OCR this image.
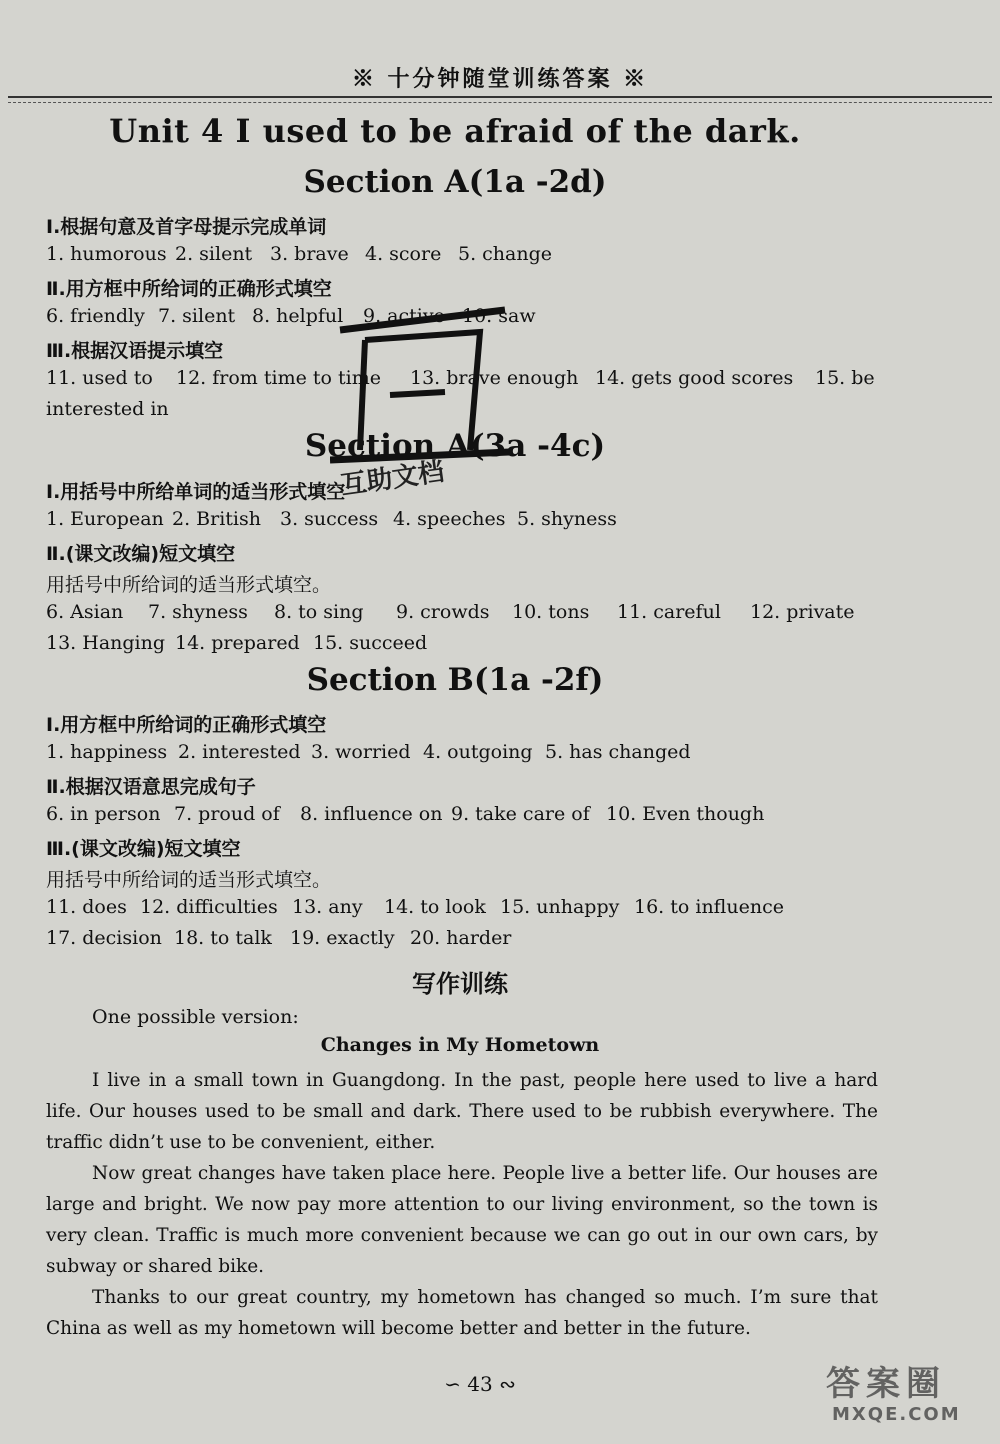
※ 十分钟随堂训练答案 ※
Unit 4 I used to be afraid of the dark.
Section A(1a -2d)
Ⅰ.根据句意及首字母提示完成单词
1. humorous 2. silent 3. brave 4. score 5. change
Ⅱ.用方框中所给词的正确形式填空
6. friendly 7. silent 8. helpful 9. active 10. saw
Ⅲ.根据汉语提示填空
11. used to 12. from time to time 13. brave enough 14. gets good scores 15. be
interested in
Section A(3a -4c)
Ⅰ.用括号中所给单词的适当形式填空
1. European 2. British 3. success 4. speeches 5. shyness
Ⅱ.(课文改编)短文填空
用括号中所给词的适当形式填空。
6. Asian 7. shyness 8. to sing 9. crowds 10. tons 11. careful 12. private
13. Hanging 14. prepared 15. succeed
Section B(1a -2f)
Ⅰ.用方框中所给词的正确形式填空
1. happiness 2. interested 3. worried 4. outgoing 5. has changed
Ⅱ.根据汉语意思完成句子
6. in person 7. proud of 8. influence on 9. take care of 10. Even though
Ⅲ.(课文改编)短文填空
用括号中所给词的适当形式填空。
11. does 12. difficulties 13. any 14. to look 15. unhappy 16. to influence
17. decision 18. to talk 19. exactly 20. harder
写作训练
One possible version:
Changes in My Hometown

I live in a small town in Guangdong. In the past, people here used to live a hard life. Our houses used to be small and dark. There used to be rubbish everywhere. The traffic didn’t use to be convenient, either.

Now great changes have taken place here. People live a better life. Our houses are large and bright. We now pay more attention to our living environment, so the town is very clean. Traffic is much more convenient because we can go out in our own cars, by subway or shared bike.

Thanks to our great country, my hometown has changed so much. I’m sure that China as well as my hometown will become better and better in the future.

∽ 43 ∾
互助文档
答案圈
MXQE.COM
